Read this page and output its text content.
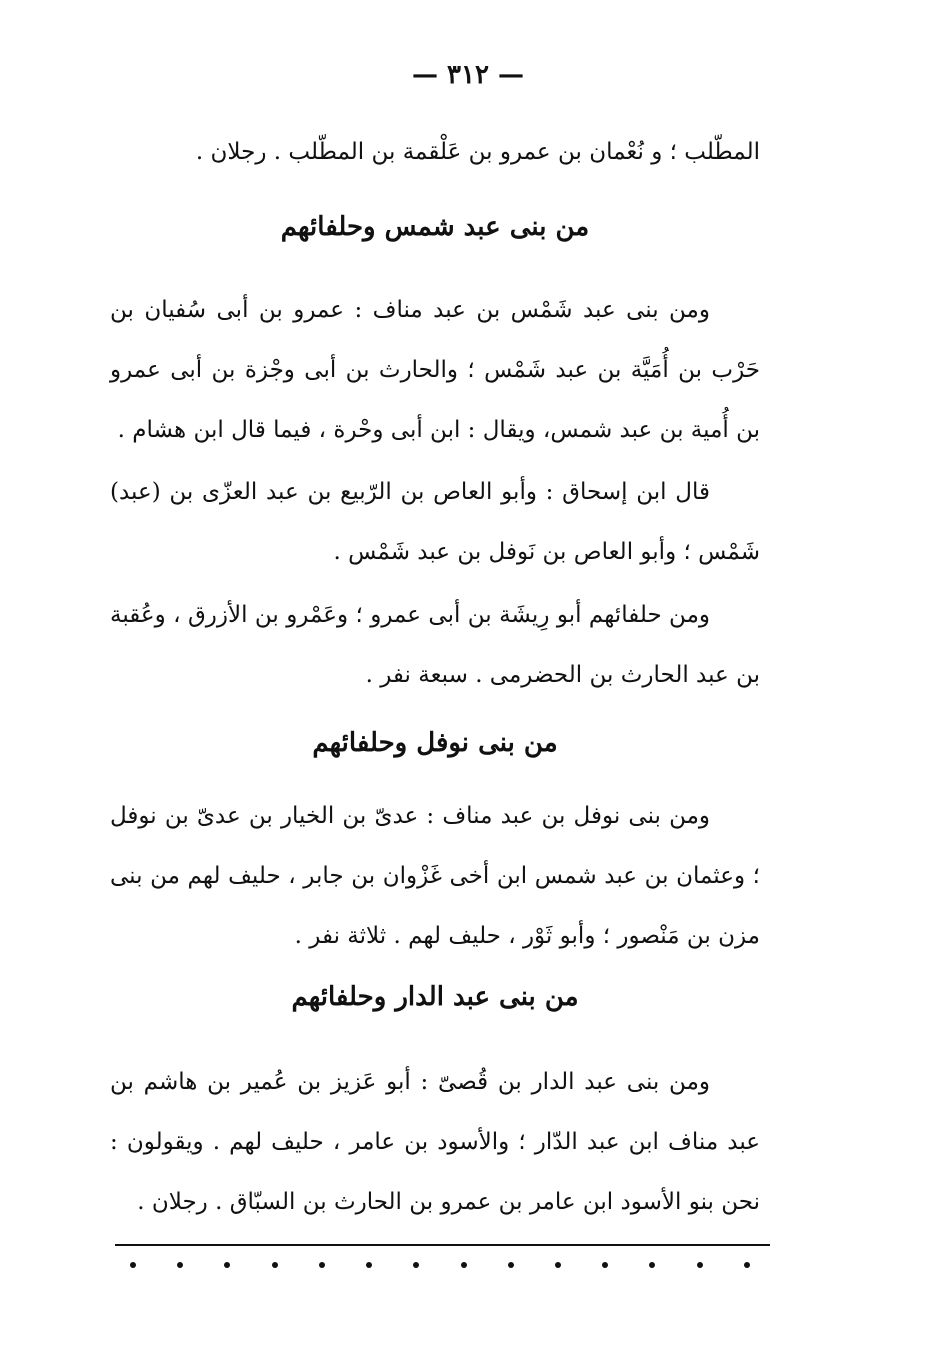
— ٣١٢ —
المطّلب ؛ و نُعْمان بن عمرو بن عَلْقمة بن المطّلب . رجلان .
من بنى عبد شمس وحلفائهم

ومن بنى عبد شَمْس بن عبد مناف : عمرو بن أبى سُفيان بن حَرْب بن أُمَيَّة بن عبد شَمْس ؛ والحارث بن أبى وجْزة بن أبى عمرو بن أُمية بن عبد شمس، ويقال : ابن أبى وحْرة ، فيما قال ابن هشام .

قال ابن إسحاق : وأبو العاص بن الرّبيع بن عبد العزّى بن (عبد) شَمْس ؛ وأبو العاص بن نَوفل بن عبد شَمْس .

ومن حلفائهم أبو رِيشَة بن أبى عمرو ؛ وعَمْرو بن الأزرق ، وعُقبة بن عبد الحارث بن الحضرمى . سبعة نفر .

من بنى نوفل وحلفائهم

ومن بنى نوفل بن عبد مناف : عدىّ بن الخيار بن عدىّ بن نوفل ؛ وعثمان بن عبد شمس ابن أخى غَزْوان بن جابر ، حليف لهم من بنى مزن بن مَنْصور ؛ وأبو ثَوْر ، حليف لهم . ثلاثة نفر .

من بنى عبد الدار وحلفائهم

ومن بنى عبد الدار بن قُصىّ : أبو عَزيز بن عُمير بن هاشم بن عبد مناف ابن عبد الدّار ؛ والأسود بن عامر ، حليف لهم . ويقولون : نحن بنو الأسود ابن عامر بن عمرو بن الحارث بن السبّاق . رجلان .
